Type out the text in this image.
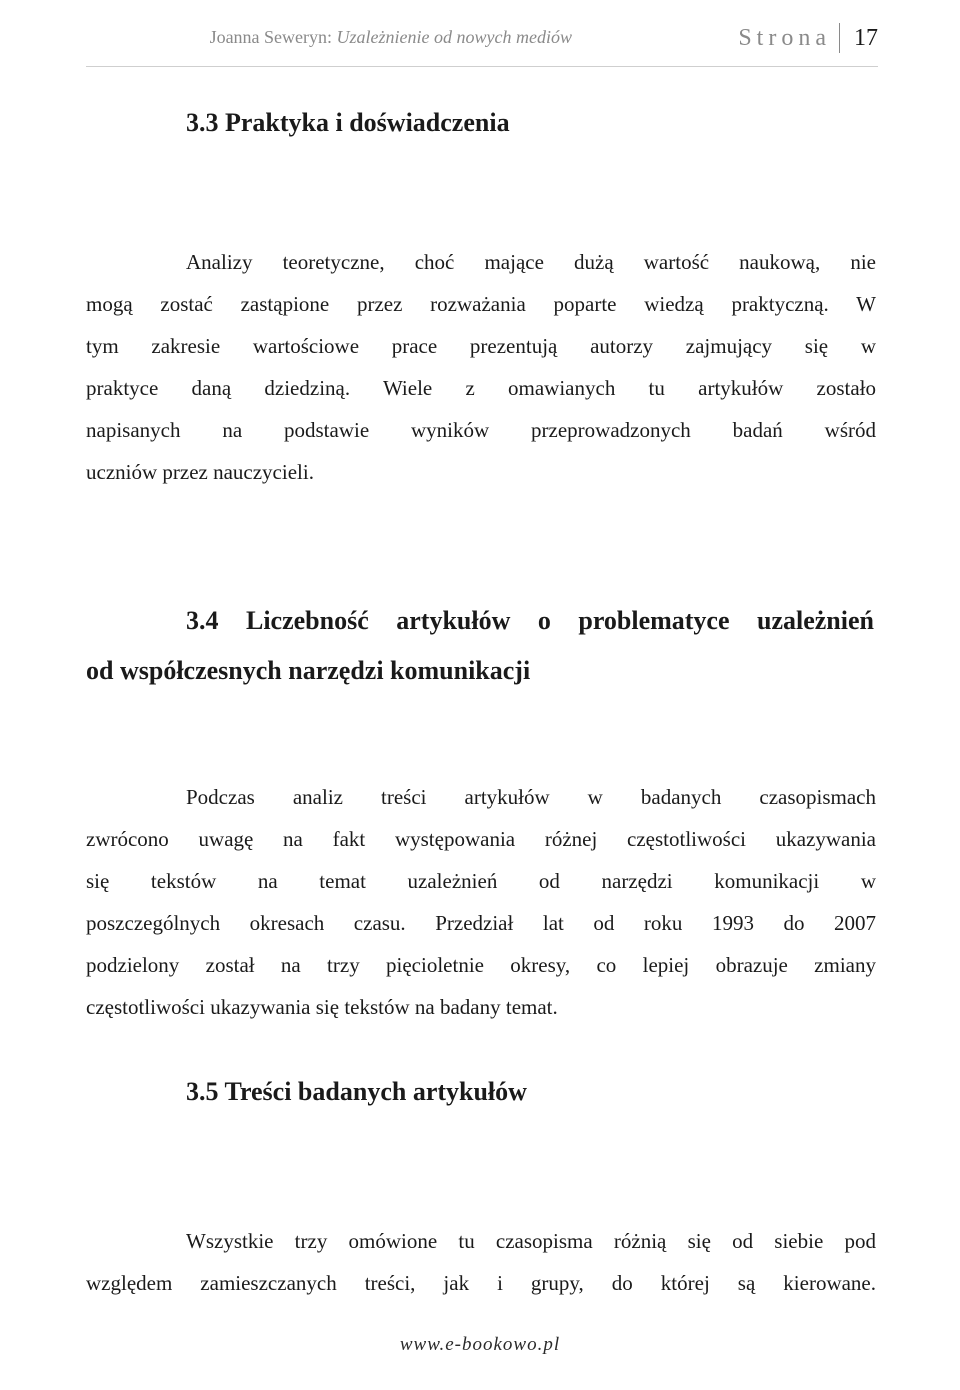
Joanna Seweryn: Uzależnienie od nowych mediów	Strona 17
3.3 Praktyka i doświadczenia

Analizy teoretyczne, choć mające dużą wartość naukową, nie
mogą zostać zastąpione przez rozważania poparte wiedzą praktyczną. W
tym zakresie wartościowe prace prezentują autorzy zajmujący się w
praktyce daną dziedziną. Wiele z omawianych tu artykułów zostało
napisanych na podstawie wyników przeprowadzonych badań wśród
uczniów przez nauczycieli.

3.4 Liczebność artykułów o problematyce uzależnień
od współczesnych narzędzi komunikacji

Podczas analiz treści artykułów w badanych czasopismach
zwrócono uwagę na fakt występowania różnej częstotliwości ukazywania
się tekstów na temat uzależnień od narzędzi komunikacji w
poszczególnych okresach czasu. Przedział lat od roku 1993 do 2007
podzielony został na trzy pięcioletnie okresy, co lepiej obrazuje zmiany
częstotliwości ukazywania się tekstów na badany temat.

3.5 Treści badanych artykułów

Wszystkie trzy omówione tu czasopisma różnią się od siebie pod
względem zamieszczanych treści, jak i grupy, do której są kierowane.

www.e-bookowo.pl
